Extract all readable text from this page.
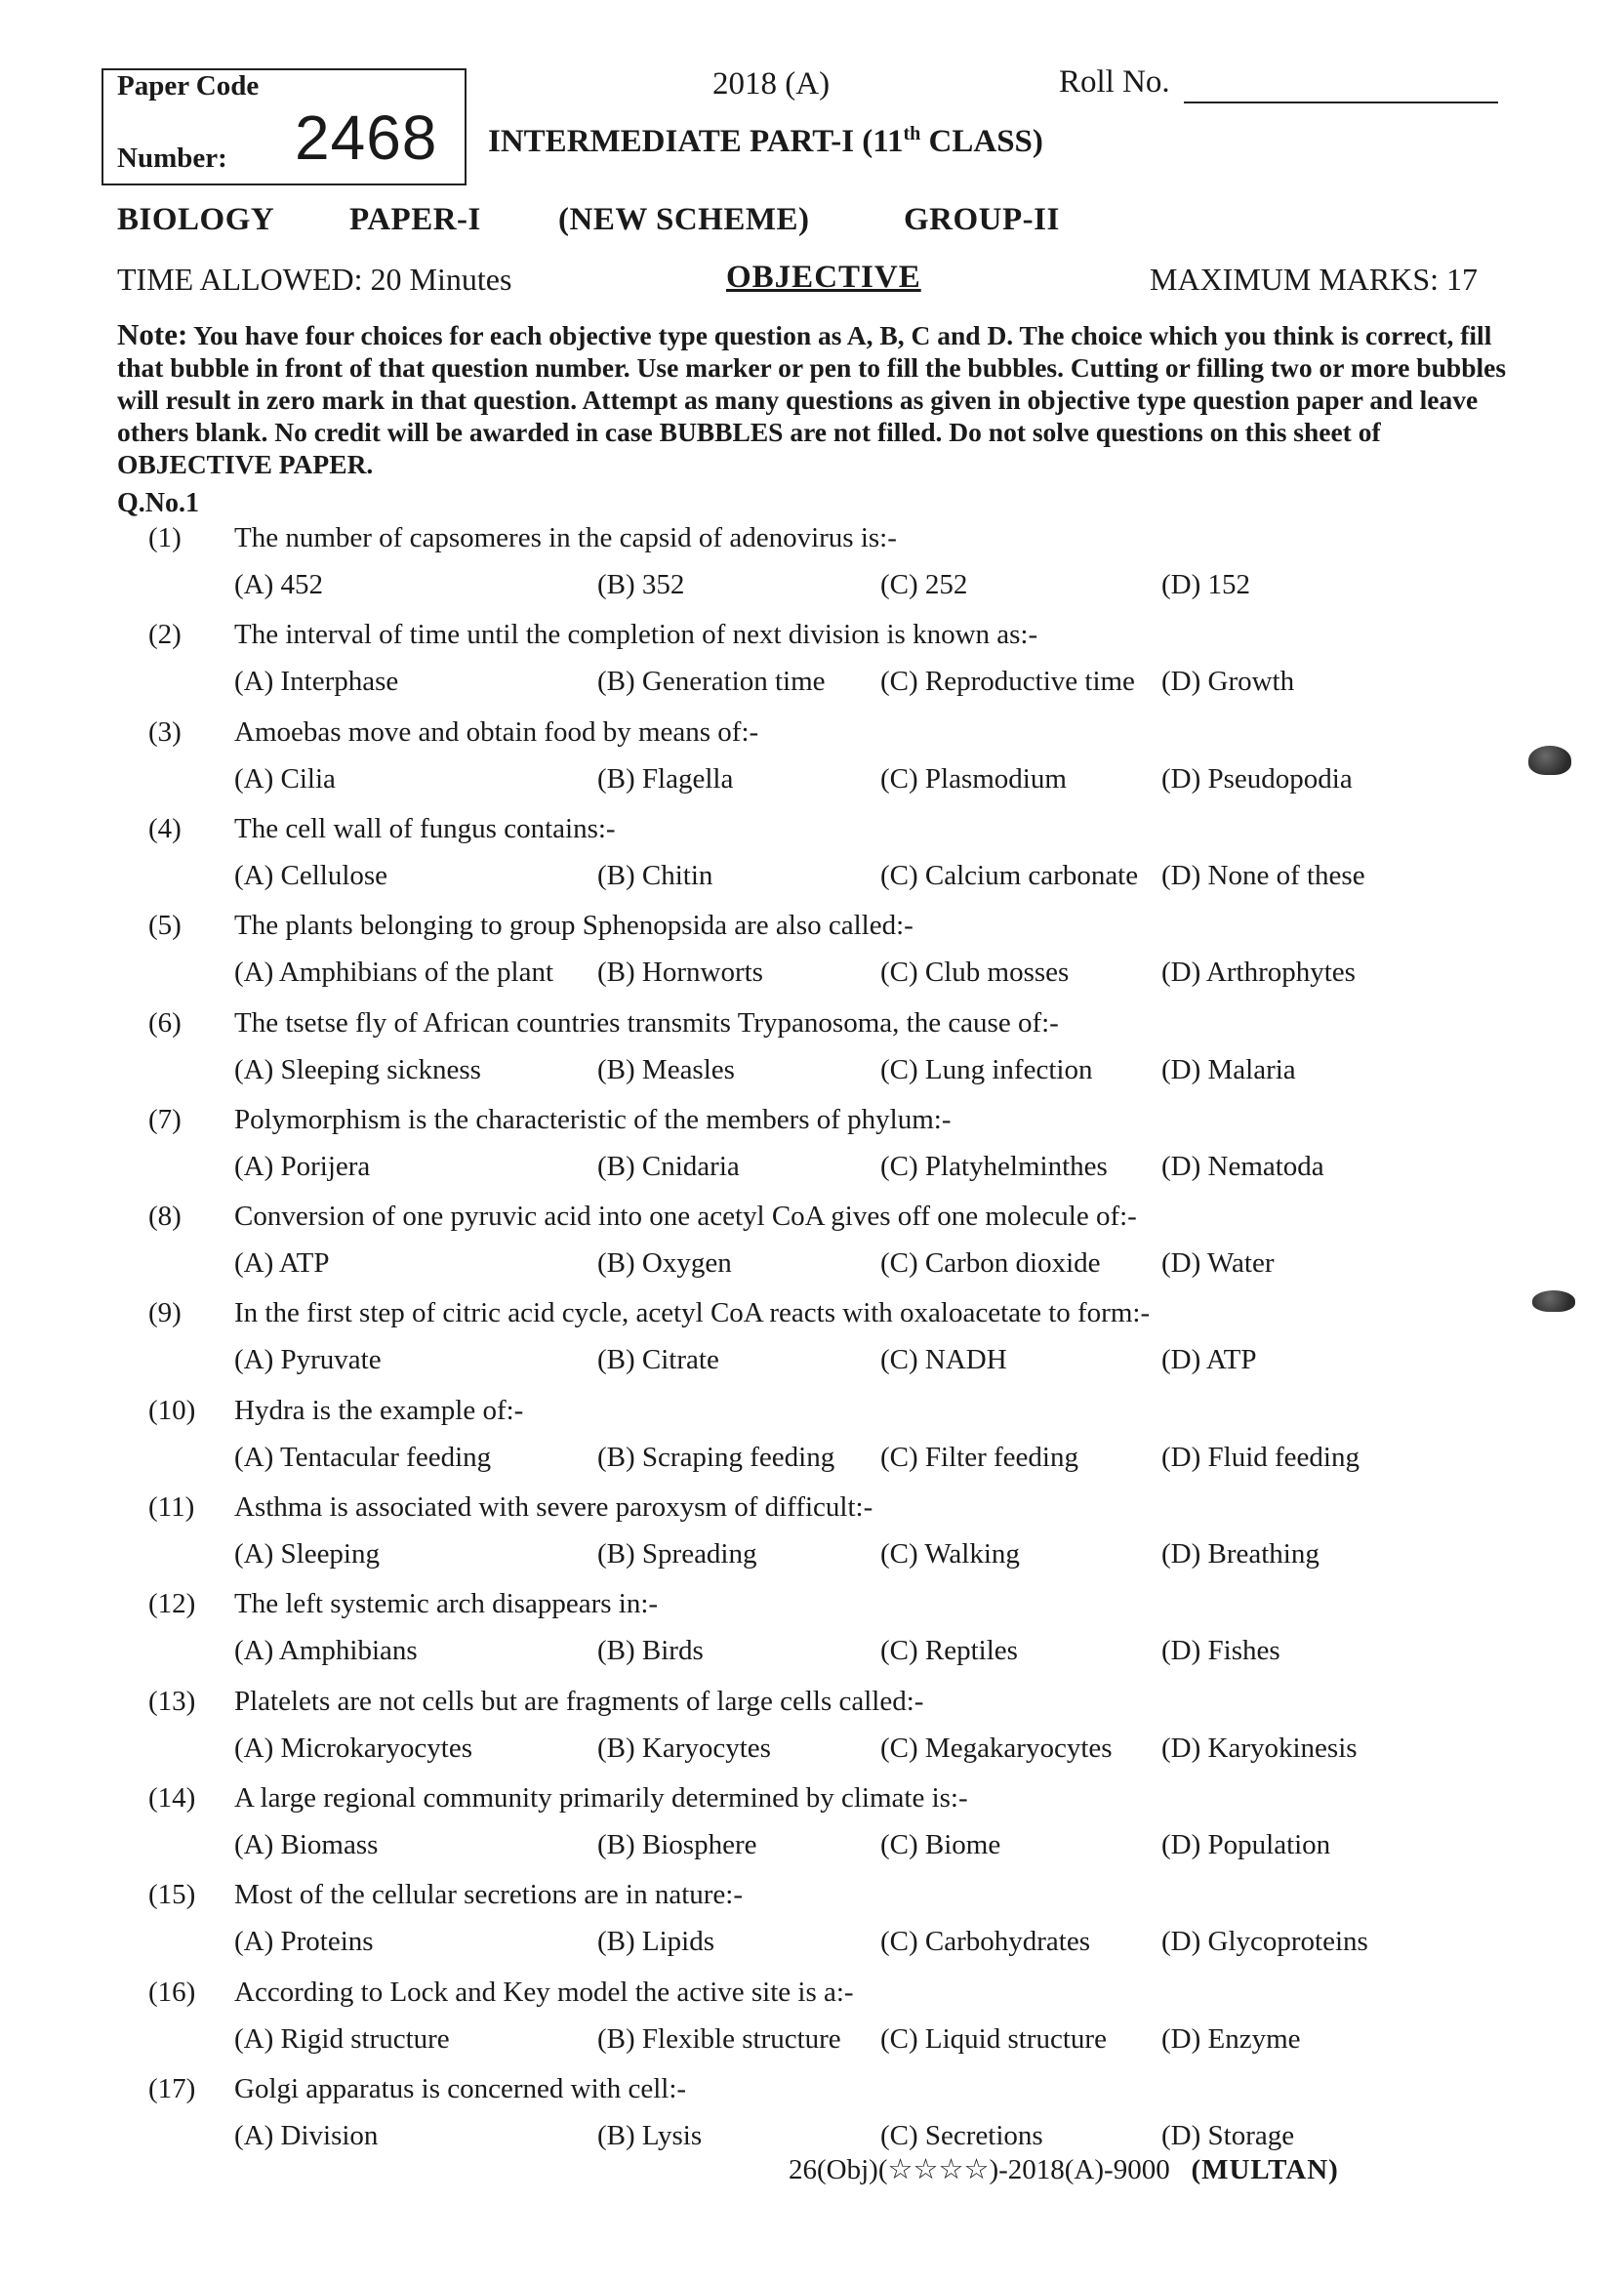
Paper Code
Number: 2468
2018 (A)	Roll No.
INTERMEDIATE PART-I (11th CLASS)
BIOLOGY PAPER-I (NEW SCHEME)	GROUP-II
TIME ALLOWED: 20 Minutes	OBJECTIVE	MAXIMUM MARKS: 17
Note: You have four choices for each objective type question as A, B, C and D. The choice which you think is correct, fill that bubble in front of that question number. Use marker or pen to fill the bubbles. Cutting or filling two or more bubbles will result in zero mark in that question. Attempt as many questions as given in objective type question paper and leave others blank. No credit will be awarded in case BUBBLES are not filled. Do not solve questions on this sheet of OBJECTIVE PAPER.
Q.No.1
(1) The number of capsomeres in the capsid of adenovirus is:-
(A) 452	(B) 352	(C) 252	(D) 152
(2) The interval of time until the completion of next division is known as:-
(A) Interphase	(B) Generation time (C) Reproductive time (D) Growth
(3) Amoebas move and obtain food by means of:-
(A) Cilia	(B) Flagella	(C) Plasmodium	(D) Pseudopodia
(4) The cell wall of fungus contains:-
(A) Cellulose	(B) Chitin	(C) Calcium carbonate (D) None of these
(5) The plants belonging to group Sphenopsida are also called:-
(A) Amphibians of the plant (B) Hornworts	(C) Club mosses	(D) Arthrophytes
(6) The tsetse fly of African countries transmits Trypanosoma, the cause of:-
(A) Sleeping sickness	(B) Measles	(C) Lung infection (D) Malaria
(7) Polymorphism is the characteristic of the members of phylum:-
(A) Porijera	(B) Cnidaria	(C) Platyhelminthes (D) Nematoda
(8) Conversion of one pyruvic acid into one acetyl CoA gives off one molecule of:-
(A) ATP	(B) Oxygen	(C) Carbon dioxide (D) Water
(9) In the first step of citric acid cycle, acetyl CoA reacts with oxaloacetate to form:-
(A) Pyruvate	(B) Citrate	(C) NADH	(D) ATP
(10) Hydra is the example of:-
(A) Tentacular feeding	(B) Scraping feeding (C) Filter feeding	(D) Fluid feeding
(11) Asthma is associated with severe paroxysm of difficult:-
(A) Sleeping	(B) Spreading	(C) Walking	(D) Breathing
(12) The left systemic arch disappears in:-
(A) Amphibians	(B) Birds	(C) Reptiles	(D) Fishes
(13) Platelets are not cells but are fragments of large cells called:-
(A) Microkaryocytes	(B) Karyocytes	(C) Megakaryocytes (D) Karyokinesis
(14) A large regional community primarily determined by climate is:-
(A) Biomass	(B) Biosphere	(C) Biome	(D) Population
(15) Most of the cellular secretions are in nature:-
(A) Proteins	(B) Lipids	(C) Carbohydrates	(D) Glycoproteins
(16) According to Lock and Key model the active site is a:-
(A) Rigid structure	(B) Flexible structure (C) Liquid structure (D) Enzyme
(17) Golgi apparatus is concerned with cell:-
(A) Division	(B) Lysis	(C) Secretions	(D) Storage
26(Obj)(☆☆☆☆)-2018(A)-9000 (MULTAN)
